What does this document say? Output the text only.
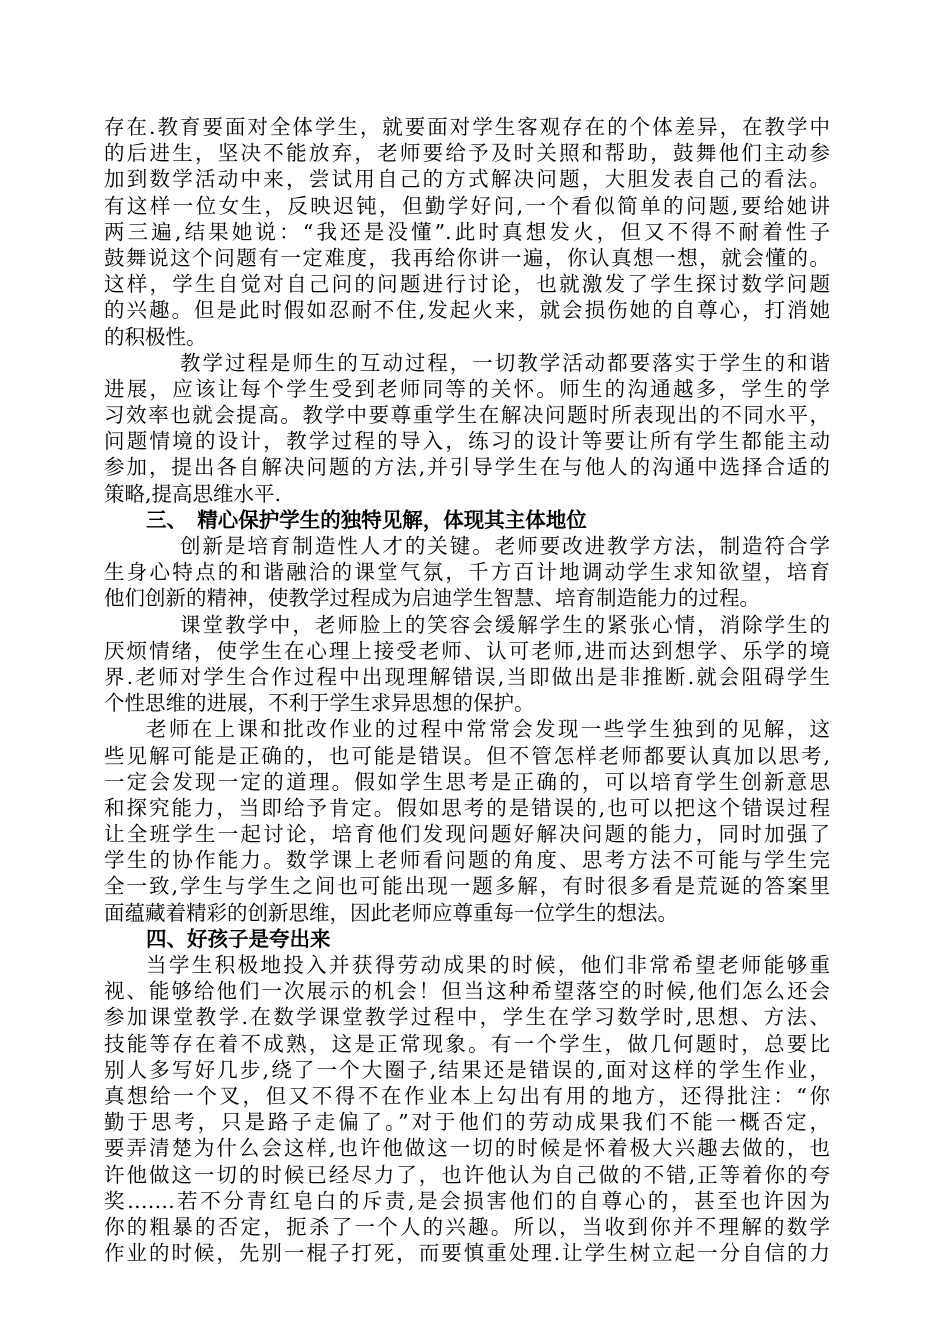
存在.教育要面对全体学生，就要面对学生客观存在的个体差异，在教学中
的后进生，坚决不能放弃，老师要给予及时关照和帮助，鼓舞他们主动参
加到数学活动中来，尝试用自己的方式解决问题，大胆发表自己的看法。
有这样一位女生，反映迟钝，但勤学好问,一个看似简单的问题,要给她讲
两三遍,结果她说：“我还是没懂”.此时真想发火，但又不得不耐着性子
鼓舞说这个问题有一定难度，我再给你讲一遍，你认真想一想，就会懂的。
这样，学生自觉对自己问的问题进行讨论，也就激发了学生探讨数学问题
的兴趣。但是此时假如忍耐不住,发起火来，就会损伤她的自尊心，打消她
的积极性。
教学过程是师生的互动过程，一切教学活动都要落实于学生的和谐
进展，应该让每个学生受到老师同等的关怀。师生的沟通越多，学生的学
习效率也就会提高。教学中要尊重学生在解决问题时所表现出的不同水平，
问题情境的设计，教学过程的导入，练习的设计等要让所有学生都能主动
参加，提出各自解决问题的方法,并引导学生在与他人的沟通中选择合适的
策略,提高思维水平.
三、　精心保护学生的独特见解，体现其主体地位
创新是培育制造性人才的关键。老师要改进教学方法，制造符合学
生身心特点的和谐融洽的课堂气氛，千方百计地调动学生求知欲望，培育
他们创新的精神，使教学过程成为启迪学生智慧、培育制造能力的过程。
课堂教学中，老师脸上的笑容会缓解学生的紧张心情，消除学生的
厌烦情绪，使学生在心理上接受老师、认可老师,进而达到想学、乐学的境
界.老师对学生合作过程中出现理解错误,当即做出是非推断.就会阻碍学生
个性思维的进展，不利于学生求异思想的保护。
老师在上课和批改作业的过程中常常会发现一些学生独到的见解，这
些见解可能是正确的，也可能是错误。但不管怎样老师都要认真加以思考,
一定会发现一定的道理。假如学生思考是正确的，可以培育学生创新意思
和探究能力，当即给予肯定。假如思考的是错误的,也可以把这个错误过程
让全班学生一起讨论，培育他们发现问题好解决问题的能力，同时加强了
学生的协作能力。数学课上老师看问题的角度、思考方法不可能与学生完
全一致,学生与学生之间也可能出现一题多解，有时很多看是荒诞的答案里
面蕴藏着精彩的创新思维，因此老师应尊重每一位学生的想法。
四、好孩子是夸出来
当学生积极地投入并获得劳动成果的时候，他们非常希望老师能够重
视、能够给他们一次展示的机会！但当这种希望落空的时候,他们怎么还会
参加课堂教学.在数学课堂教学过程中，学生在学习数学时,思想、方法、
技能等存在着不成熟，这是正常现象。有一个学生，做几何题时，总要比
别人多写好几步,绕了一个大圈子,结果还是错误的,面对这样的学生作业，
真想给一个叉，但又不得不在作业本上勾出有用的地方，还得批注：“你
勤于思考，只是路子走偏了。”对于他们的劳动成果我们不能一概否定，
要弄清楚为什么会这样,也许他做这一切的时候是怀着极大兴趣去做的，也
许他做这一切的时候已经尽力了，也许他认为自己做的不错,正等着你的夸
奖…….若不分青红皂白的斥责,是会损害他们的自尊心的，甚至也许因为
你的粗暴的否定，扼杀了一个人的兴趣。所以，当收到你并不理解的数学
作业的时候，先别一棍子打死，而要慎重处理.让学生树立起一分自信的力
